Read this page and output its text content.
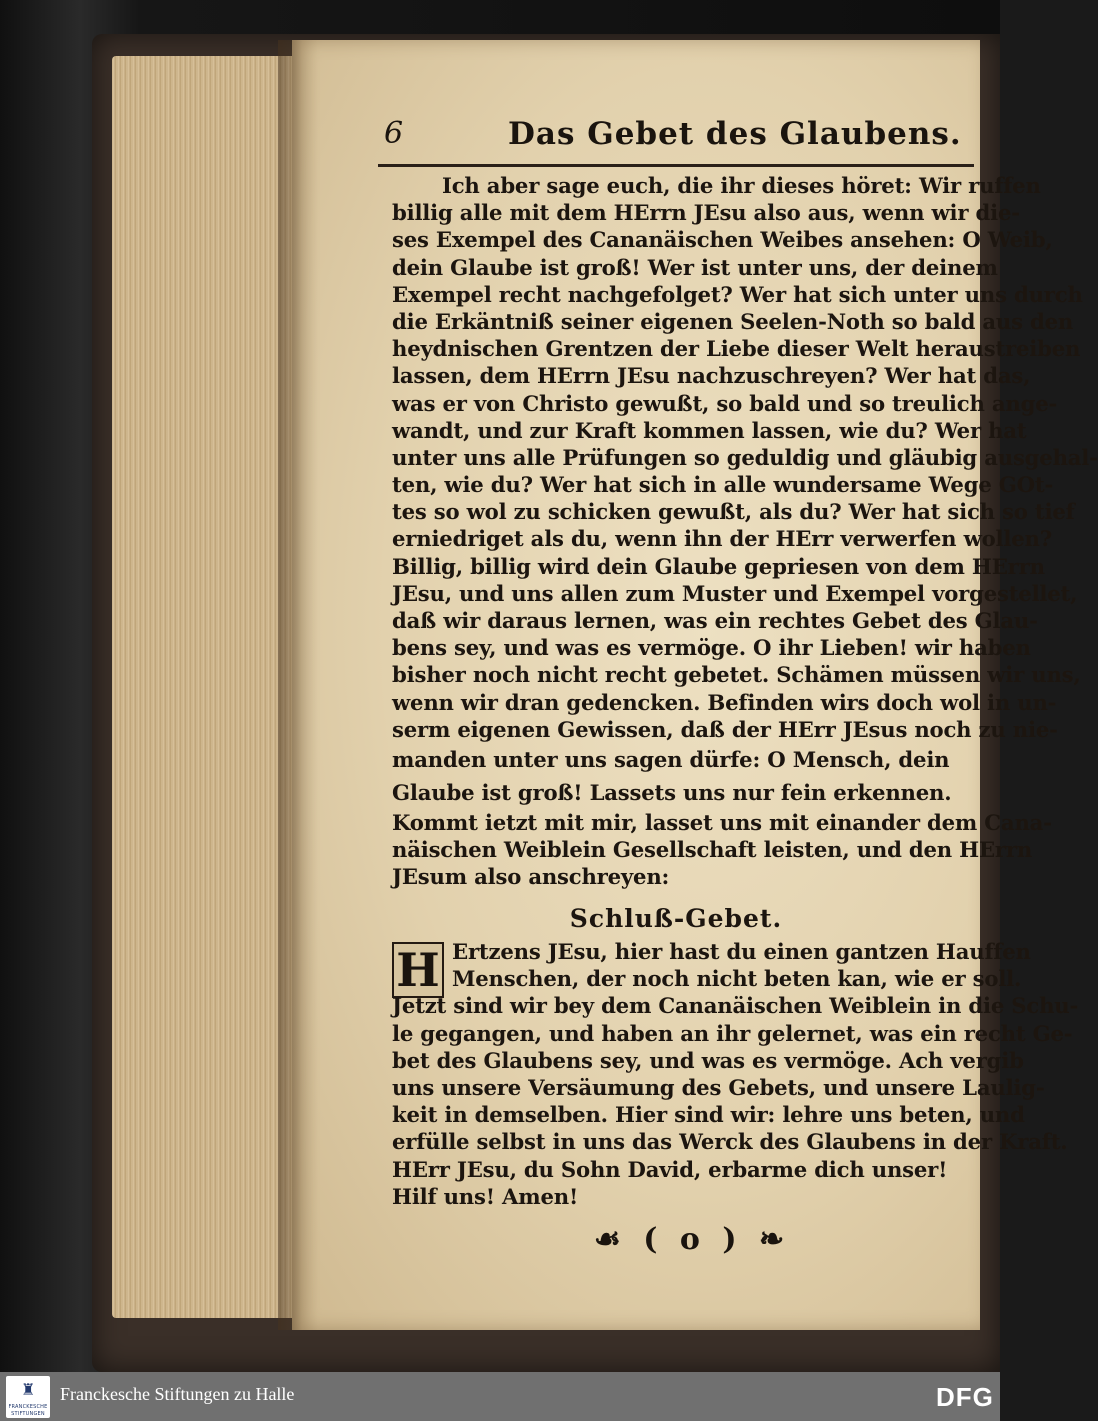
6	Das Gebet des Glaubens.
Ich aber sage euch, die ihr dieses höret: Wir ruffen
billig alle mit dem HErrn JEsu also aus, wenn wir die-
ses Exempel des Cananäischen Weibes ansehen: O Weib,
dein Glaube ist groß! Wer ist unter uns, der deinem
Exempel recht nachgefolget? Wer hat sich unter uns durch
die Erkäntniß seiner eigenen Seelen-Noth so bald aus den
heydnischen Grentzen der Liebe dieser Welt heraustreiben
lassen, dem HErrn JEsu nachzuschreyen? Wer hat das,
was er von Christo gewußt, so bald und so treulich ange-
wandt, und zur Kraft kommen lassen, wie du? Wer hat
unter uns alle Prüfungen so geduldig und gläubig ausgehal-
ten, wie du? Wer hat sich in alle wundersame Wege GOt-
tes so wol zu schicken gewußt, als du? Wer hat sich so tief
erniedriget als du, wenn ihn der HErr verwerfen wollen?
Billig, billig wird dein Glaube gepriesen von dem HErrn
JEsu, und uns allen zum Muster und Exempel vorgestellet,
daß wir daraus lernen, was ein rechtes Gebet des Glau-
bens sey, und was es vermöge. O ihr Lieben! wir haben
bisher noch nicht recht gebetet. Schämen müssen wir uns,
wenn wir dran gedencken. Befinden wirs doch wol in un-
serm eigenen Gewissen, daß der HErr JEsus noch zu nie-
manden unter uns sagen dürfe: O Mensch, dein
Glaube ist groß! Lassets uns nur fein erkennen.
Kommt ietzt mit mir, lasset uns mit einander dem Cana-
näischen Weiblein Gesellschaft leisten, und den HErrn
JEsum also anschreyen:
Schluß-Gebet.
H Ertzens JEsu, hier hast du einen gantzen Hauffen
Menschen, der noch nicht beten kan, wie er soll.
Jetzt sind wir bey dem Cananäischen Weiblein in die Schu-
le gegangen, und haben an ihr gelernet, was ein recht Ge-
bet des Glaubens sey, und was es vermöge. Ach vergib
uns unsere Versäumung des Gebets, und unsere Laulig-
keit in demselben. Hier sind wir: lehre uns beten, und
erfülle selbst in uns das Werck des Glaubens in der Kraft.
HErr JEsu, du Sohn David, erbarme dich unser!
Hilf uns! Amen!
☙ ( o ) ❧
♜
FRANCKESCHE
STIFTUNGEN
Franckesche Stiftungen zu Halle	DFG
